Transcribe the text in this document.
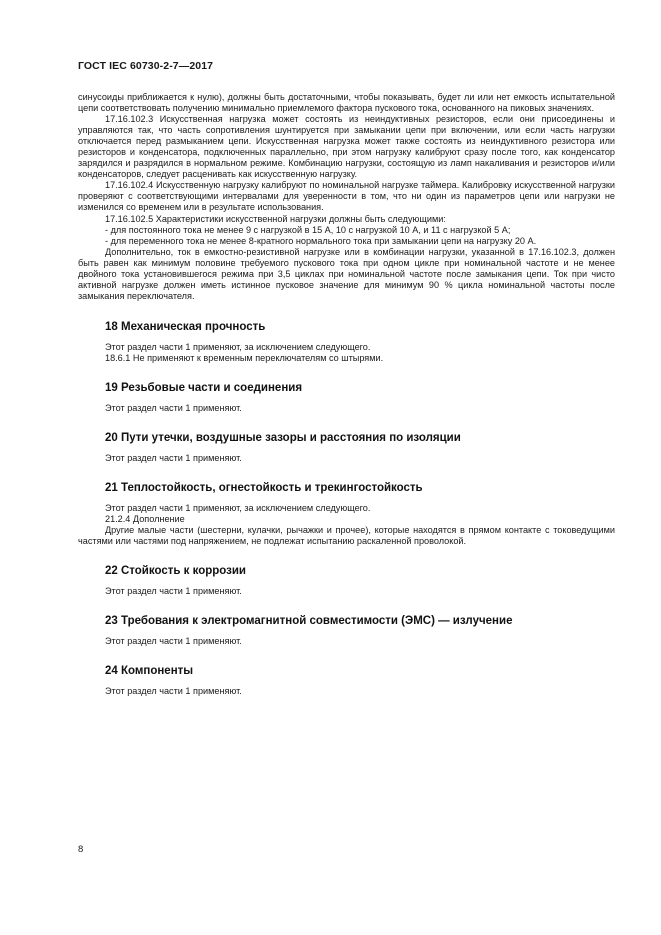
ГОСТ IEC 60730-2-7—2017

синусоиды приближается к нулю), должны быть достаточными, чтобы показывать, будет ли или нет емкость испытательной цепи соответствовать получению минимально приемлемого фактора пускового тока, основанного на пиковых значениях.

17.16.102.3 Искусственная нагрузка может состоять из неиндуктивных резисторов, если они присоединены и управляются так, что часть сопротивления шунтируется при замыкании цепи при включении, или если часть нагрузки отключается перед размыканием цепи. Искусственная нагрузка может также состоять из неиндуктивного резистора или резисторов и конденсатора, подключенных параллельно, при этом нагрузку калибруют сразу после того, как конденсатор зарядился и разрядился в нормальном режиме. Комбинацию нагрузки, состоящую из ламп накаливания и резисторов и/или конденсаторов, следует расценивать как искусственную нагрузку.

17.16.102.4 Искусственную нагрузку калибруют по номинальной нагрузке таймера. Калибровку искусственной нагрузки проверяют с соответствующими интервалами для уверенности в том, что ни один из параметров цепи или нагрузки не изменился со временем или в результате использования.

17.16.102.5 Характеристики искусственной нагрузки должны быть следующими:

- для постоянного тока не менее 9 с нагрузкой в 15 А, 10 с нагрузкой 10 А, и 11 с нагрузкой 5 А;

- для переменного тока не менее 8-кратного нормального тока при замыкании цепи на нагрузку 20 А.

Дополнительно, ток в емкостно-резистивной нагрузке или в комбинации нагрузки, указанной в 17.16.102.3, должен быть равен как минимум половине требуемого пускового тока при одном цикле при номинальной частоте и не менее двойного тока установившегося режима при 3,5 циклах при номинальной частоте после замыкания цепи. Ток при чисто активной нагрузке должен иметь истинное пусковое значение для минимум 90 % цикла номинальной частоты после замыкания переключателя.

18 Механическая прочность

Этот раздел части 1 применяют, за исключением следующего.

18.6.1 Не применяют к временным переключателям со штырями.

19 Резьбовые части и соединения

Этот раздел части 1 применяют.

20 Пути утечки, воздушные зазоры и расстояния по изоляции

Этот раздел части 1 применяют.

21 Теплостойкость, огнестойкость и трекингостойкость

Этот раздел части 1 применяют, за исключением следующего.

21.2.4 Дополнение

Другие малые части (шестерни, кулачки, рычажки и прочее), которые находятся в прямом контакте с токоведущими частями или частями под напряжением, не подлежат испытанию раскаленной проволокой.

22 Стойкость к коррозии

Этот раздел части 1 применяют.

23 Требования к электромагнитной совместимости (ЭМС) — излучение

Этот раздел части 1 применяют.

24 Компоненты

Этот раздел части 1 применяют.

8
